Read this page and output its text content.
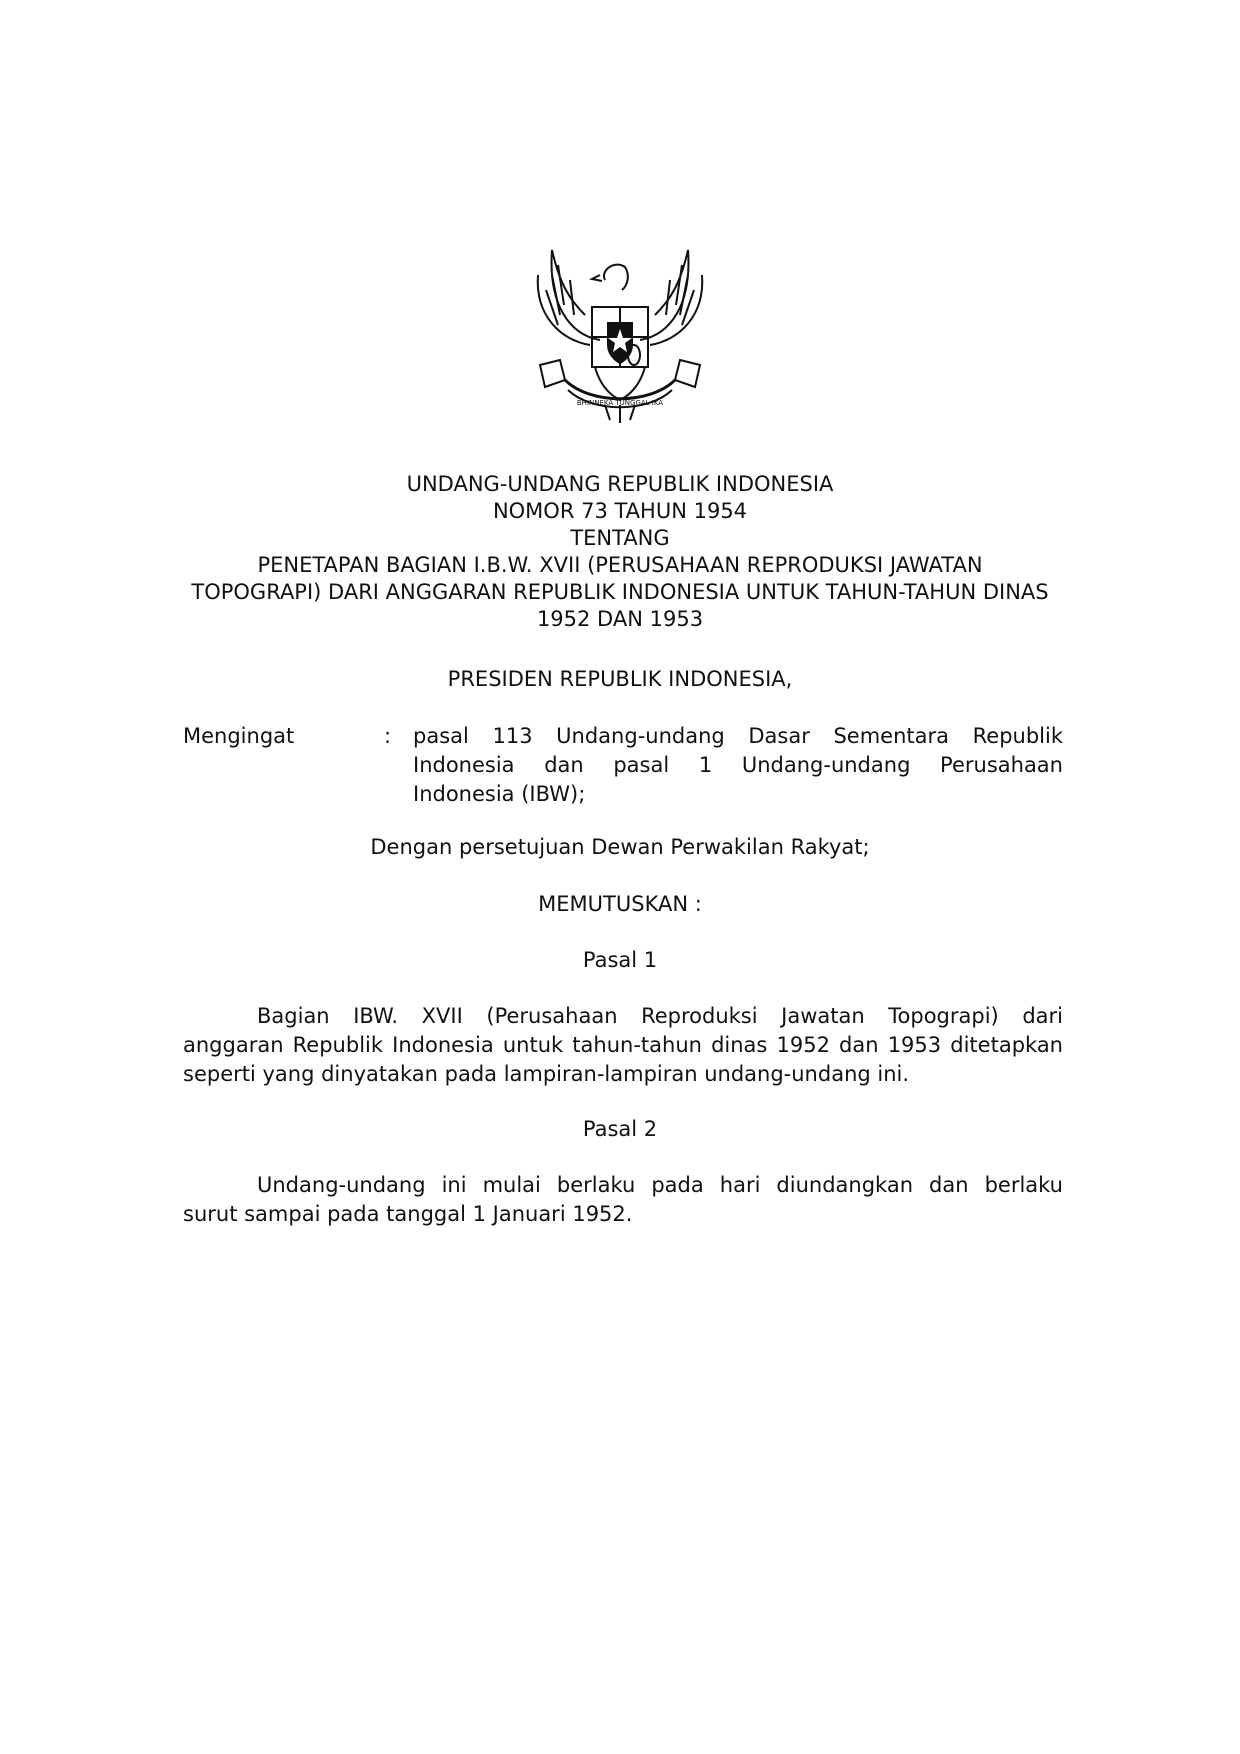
BHINNEKA TUNGGAL IKA
UNDANG-UNDANG REPUBLIK INDONESIA
NOMOR 73 TAHUN 1954
TENTANG
PENETAPAN BAGIAN I.B.W. XVII (PERUSAHAAN REPRODUKSI JAWATAN
TOPOGRAPI) DARI ANGGARAN REPUBLIK INDONESIA UNTUK TAHUN-TAHUN DINAS
1952 DAN 1953
PRESIDEN REPUBLIK INDONESIA,
Mengingat	: pasal 113 Undang-undang Dasar Sementara Republik
Indonesia dan pasal 1 Undang-undang Perusahaan
Indonesia (IBW);
Dengan persetujuan Dewan Perwakilan Rakyat;
MEMUTUSKAN :
Pasal 1
Bagian IBW. XVII (Perusahaan Reproduksi Jawatan Topograpi) dari
anggaran Republik Indonesia untuk tahun-tahun dinas 1952 dan 1953 ditetapkan
seperti yang dinyatakan pada lampiran-lampiran undang-undang ini.
Pasal 2
Undang-undang ini mulai berlaku pada hari diundangkan dan berlaku
surut sampai pada tanggal 1 Januari 1952.
